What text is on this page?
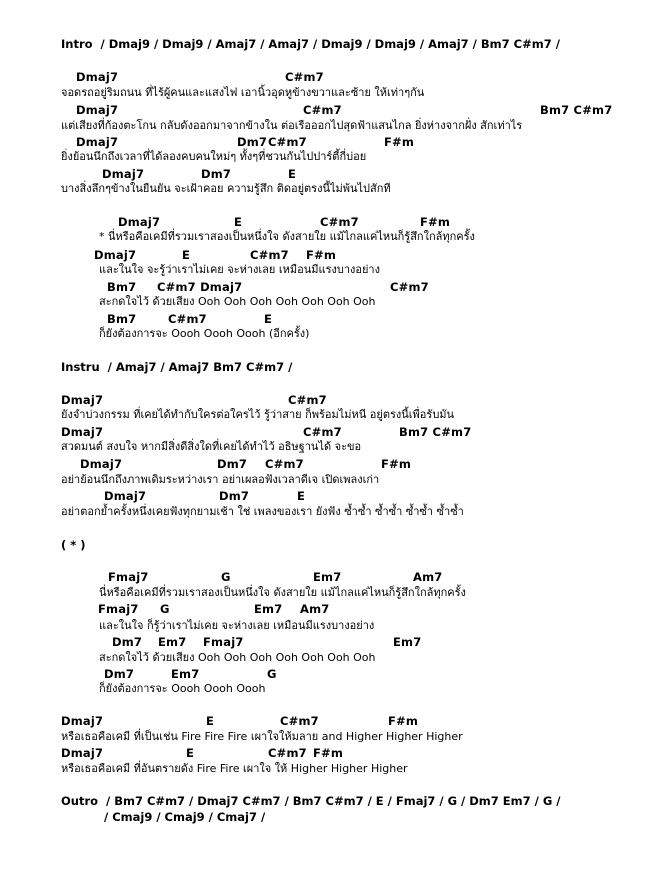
Intro  / Dmaj9 / Dmaj9 / Amaj7 / Amaj7 / Dmaj9 / Dmaj9 / Amaj7 / Bm7 C#m7 /
Dmaj7	C#m7
จอดรถอยู่ริมถนน ที่ไร้ผู้คนและแสงไฟ เอานิ้วอุดหูข้างขวาและซ้าย ให้เท่าๆกัน
Dmaj7	C#m7	Bm7 C#m7
แต่เสียงที่ก้องตะโกน กลับดังออกมาจากข้างใน ต่อเรือออกไปสุดฟ้าแสนไกล ยิ่งห่างจากฝั่ง สักเท่าไร
Dmaj7	Dm7 C#m7	F#m
ยิ่งย้อนนึกถึงเวลาที่ได้ลองคบคนใหม่ๆ ทั้งๆที่ชวนกันไปปาร์ตี้กี่บ่อย
Dmaj7	Dm7	E
บางสิ่งลึกๆข้างในยืนยัน จะเฝ้าคอย ความรู้สึก ติดอยู่ตรงนี้ไม่พ้นไปสักที
Dmaj7	E	C#m7	F#m
* นี่หรือคือเคมีที่รวมเราสองเป็นหนึ่งใจ ดังสายใย แม้ไกลแค่ไหนก็รู้สึกใกล้ทุกครั้ง
Dmaj7	E	C#m7 F#m
และในใจ จะรู้ว่าเราไม่เคย จะห่างเลย เหมือนมีแรงบางอย่าง
Bm7 C#m7 Dmaj7	C#m7
สะกดใจไว้ ด้วยเสียง Ooh Ooh Ooh Ooh Ooh Ooh Ooh
Bm7	C#m7	E
ก็ยังต้องการจะ Oooh Oooh Oooh (อีกครั้ง)
Instru  / Amaj7 / Amaj7 Bm7 C#m7 /
Dmaj7	C#m7
ยังจำบ่วงกรรม ที่เคยได้ทำกับใครต่อใครไว้ รู้ว่าสาย ก็พร้อมไม่หนี อยู่ตรงนี้เพื่อรับมัน
Dmaj7	C#m7	Bm7 C#m7
สวดมนต์ สงบใจ หากมีสิ่งดีสิ่งใดที่เคยได้ทำไว้ อธิษฐานได้ จะขอ
Dmaj7	Dm7 C#m7	F#m
อย่าย้อนนึกถึงภาพเดิมระหว่างเรา อย่าเผลอฟังเวลาดีเจ เปิดเพลงเก่า
Dmaj7	Dm7	E
อย่าตอกย้ำครั้งหนึ่งเคยฟังทุกยามเช้า ใช่ เพลงของเรา ยังฟัง ซ้ำซ้ำ ซ้ำซ้ำ ซ้ำซ้ำ ซ้ำซ้ำ
( * )
Fmaj7	G	Em7	Am7
นี่หรือคือเคมีที่รวมเราสองเป็นหนึ่งใจ ดังสายใย แม้ไกลแค่ไหนก็รู้สึกใกล้ทุกครั้ง
Fmaj7 G	Em7 Am7
และในใจ ก็รู้ว่าเราไม่เคย จะห่างเลย เหมือนมีแรงบางอย่าง
Dm7 Em7 Fmaj7	Em7
สะกดใจไว้ ด้วยเสียง Ooh Ooh Ooh Ooh Ooh Ooh Ooh
Dm7	Em7	G
ก็ยังต้องการจะ Oooh Oooh Oooh
Dmaj7	E	C#m7	F#m
หรือเธอคือเคมี ที่เป็นเช่น Fire Fire Fire เผาใจให้มลาย and Higher Higher Higher
Dmaj7	E	C#m7 F#m
หรือเธอคือเคมี ที่อันตรายดัง Fire Fire เผาใจ ให้ Higher Higher Higher
Outro  / Bm7 C#m7 / Dmaj7 C#m7 / Bm7 C#m7 / E / Fmaj7 / G / Dm7 Em7 / G /
/ Cmaj9 / Cmaj9 / Cmaj7 /
